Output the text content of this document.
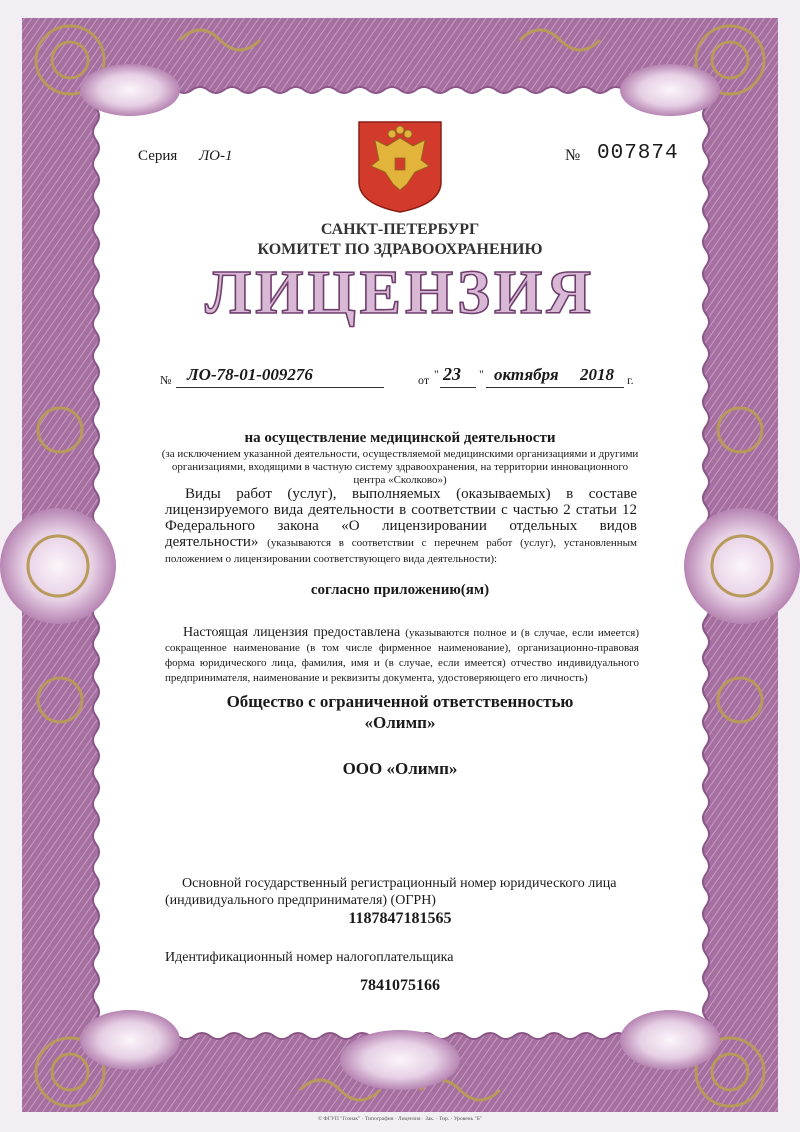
Серия ЛО-1	№ 007874
САНКТ-ПЕТЕРБУРГ
КОМИТЕТ ПО ЗДРАВООХРАНЕНИЮ
ЛИЦЕНЗИЯ
№ ЛО-78-01-009276	от " 23 " октября 2018 г.
на осуществление медицинской деятельности
(за исключением указанной деятельности, осуществляемой медицинскими организациями и другими организациями, входящими в частную систему здравоохранения, на территории инновационного центра «Сколково»)
Виды работ (услуг), выполняемых (оказываемых) в составе лицензируемого вида деятельности в соответствии с частью 2 статьи 12 Федерального закона «О лицензировании отдельных видов деятельности» (указываются в соответствии с перечнем работ (услуг), установленным положением о лицензировании соответствующего вида деятельности):
согласно приложению(ям)
Настоящая лицензия предоставлена (указываются полное и (в случае, если имеется) сокращенное наименование (в том числе фирменное наименование), организационно-правовая форма юридического лица, фамилия, имя и (в случае, если имеется) отчество индивидуального предпринимателя, наименование и реквизиты документа, удостоверяющего его личность)
Общество с ограниченной ответственностью
«Олимп»
ООО «Олимп»
Основной государственный регистрационный номер юридического лица
(индивидуального предпринимателя) (ОГРН)
1187847181565
Идентификационный номер налогоплательщика
7841075166
© ФГУП "Гознак" · Типография · Лицензия · Зак. · Тир. · Уровень "Б"
